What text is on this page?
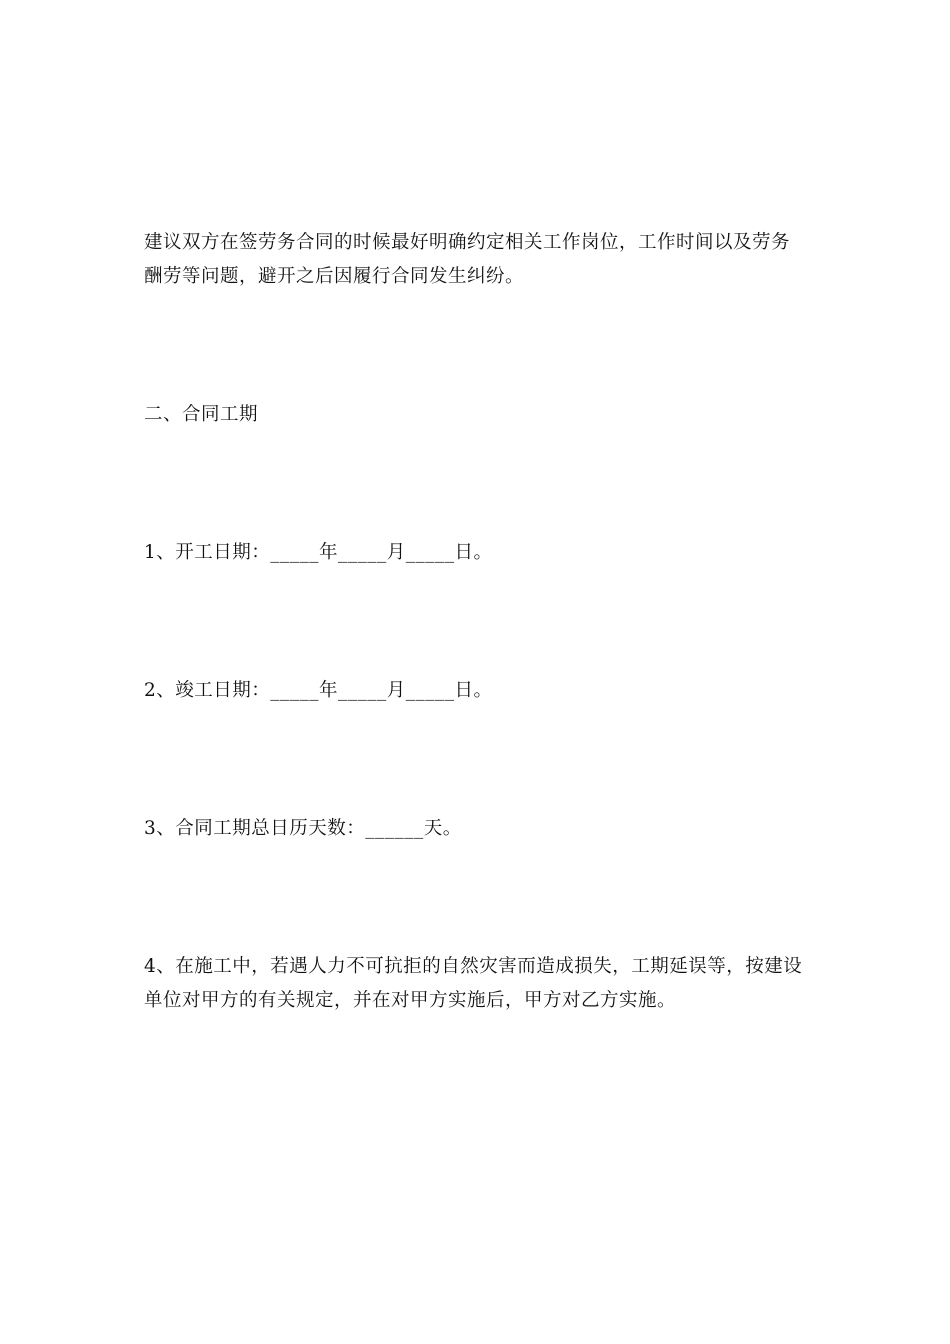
建议双方在签劳务合同的时候最好明确约定相关工作岗位，工作时间以及劳务酬劳等问题，避开之后因履行合同发生纠纷。

二、合同工期

1、开工日期：_____年_____月_____日。

2、竣工日期：_____年_____月_____日。

3、合同工期总日历天数：______天。

4、在施工中，若遇人力不可抗拒的自然灾害而造成损失，工期延误等，按建设单位对甲方的有关规定，并在对甲方实施后，甲方对乙方实施。
